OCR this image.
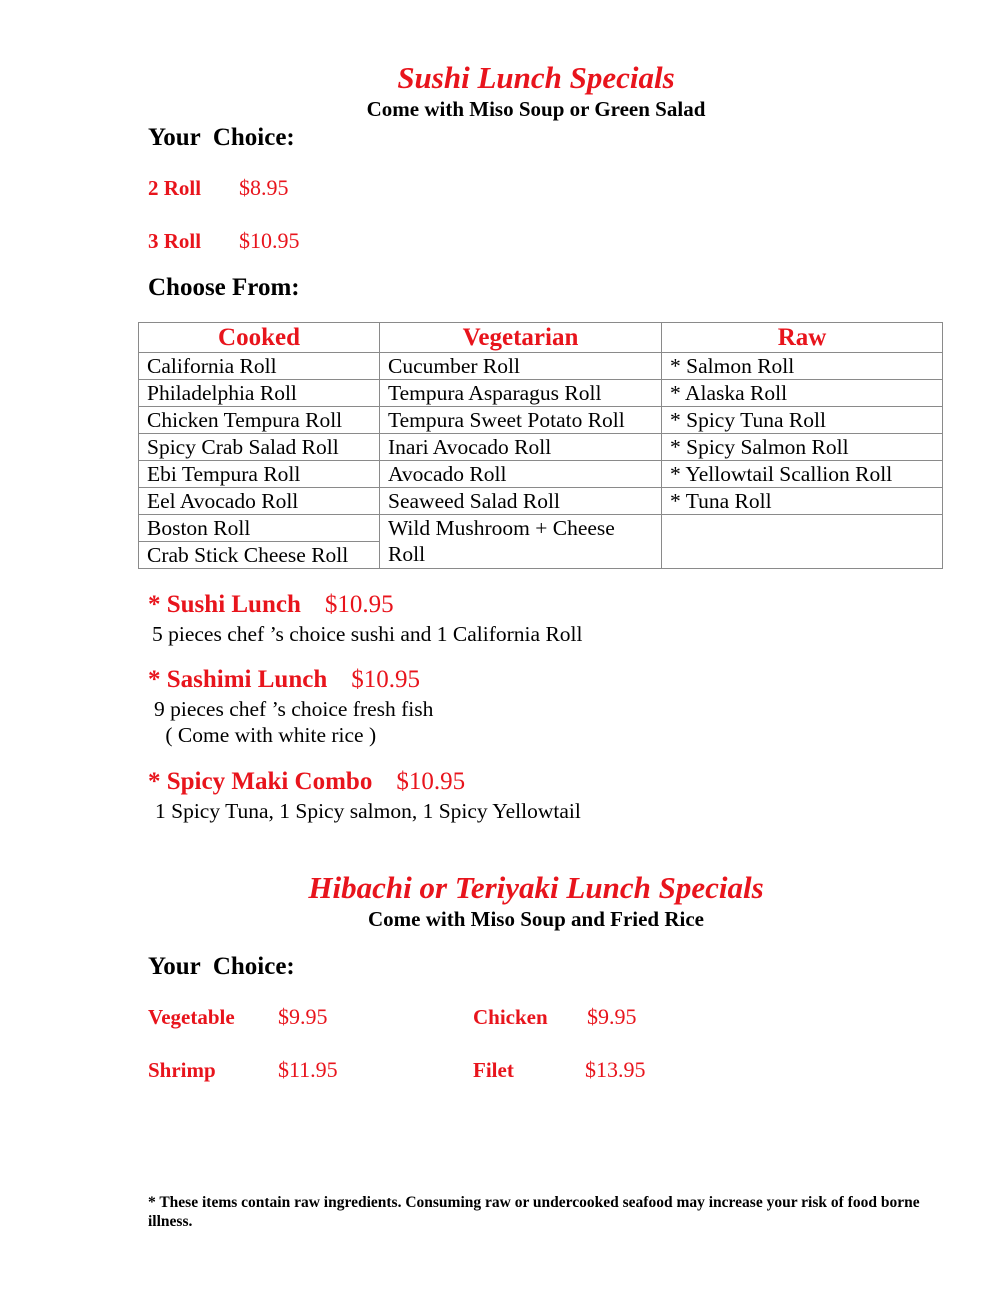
Sushi Lunch Specials
Come with Miso Soup or Green Salad
Your  Choice:
2 Roll $8.95
3 Roll $10.95
Choose From:
Cooked	Vegetarian	Raw
California Roll	Cucumber Roll	* Salmon Roll
Philadelphia Roll	Tempura Asparagus Roll	* Alaska Roll
Chicken Tempura Roll	Tempura Sweet Potato Roll	* Spicy Tuna Roll
Spicy Crab Salad Roll	Inari Avocado Roll	* Spicy Salmon Roll
Ebi Tempura Roll	Avocado Roll	* Yellowtail Scallion Roll
Eel Avocado Roll	Seaweed Salad Roll	* Tuna Roll
Boston Roll	Wild Mushroom + Cheese Roll	
Crab Stick Cheese Roll		
* Sushi Lunch $10.95
5 pieces chef ’s choice sushi and 1 California Roll
* Sashimi Lunch $10.95
9 pieces chef ’s choice fresh fish
( Come with white rice )
* Spicy Maki Combo $10.95
1 Spicy Tuna, 1 Spicy salmon, 1 Spicy Yellowtail
Hibachi or Teriyaki Lunch Specials
Come with Miso Soup and Fried Rice
Your  Choice:
Vegetable $9.95	Chicken $9.95
Shrimp	$11.95	Filet	$13.95
* These items contain raw ingredients. Consuming raw or undercooked seafood may increase your risk of food borne illness.
